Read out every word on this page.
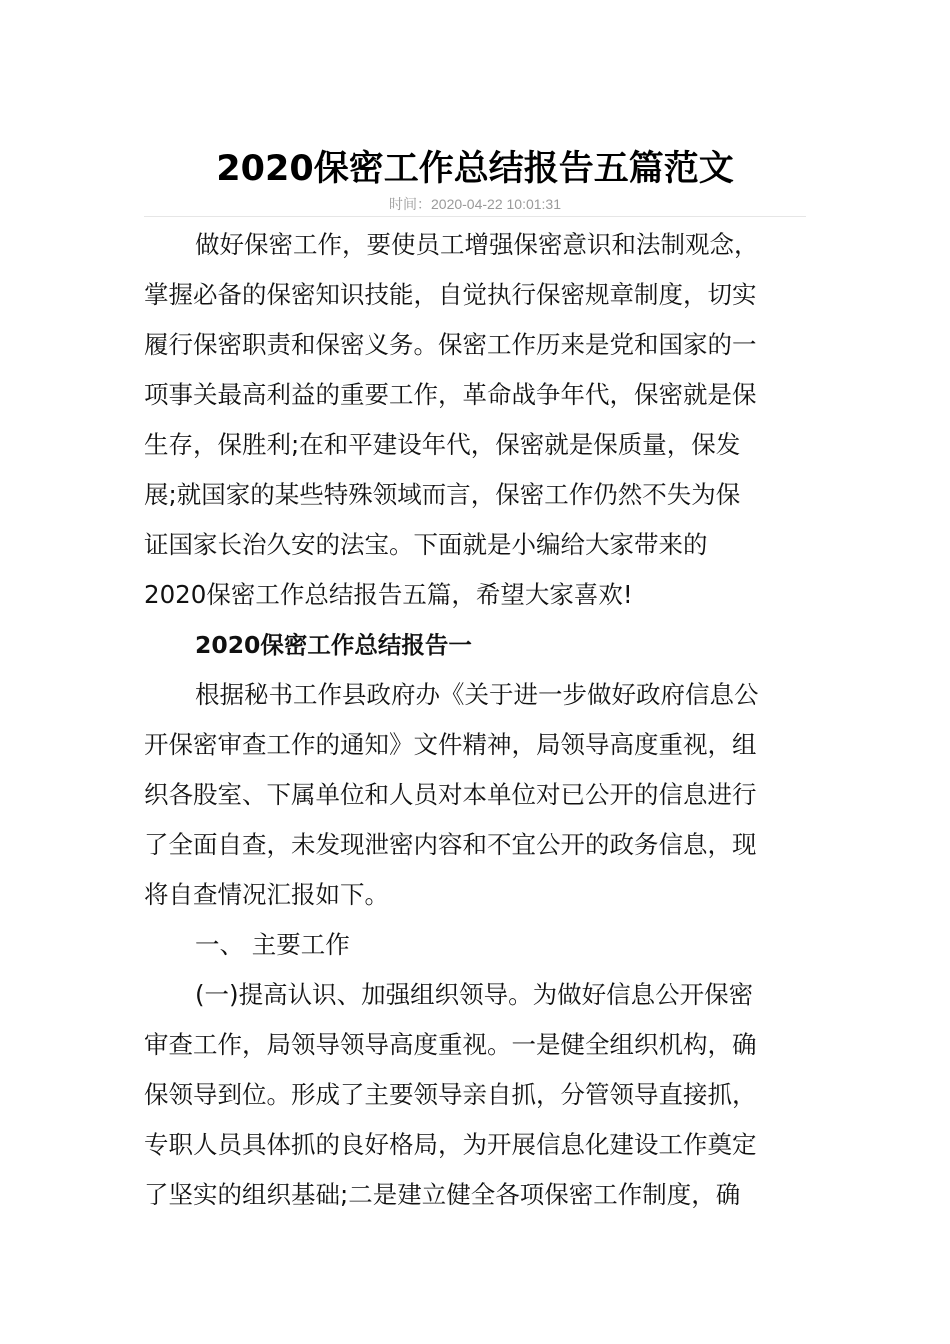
2020保密工作总结报告五篇范文
时间：2020-04-22 10:01:31
做好保密工作，要使员工增强保密意识和法制观念，
掌握必备的保密知识技能，自觉执行保密规章制度，切实
履行保密职责和保密义务。保密工作历来是党和国家的一
项事关最高利益的重要工作，革命战争年代，保密就是保
生存，保胜利;在和平建设年代，保密就是保质量，保发
展;就国家的某些特殊领域而言，保密工作仍然不失为保
证国家长治久安的法宝。下面就是小编给大家带来的
2020保密工作总结报告五篇，希望大家喜欢!
2020保密工作总结报告一
根据秘书工作县政府办《关于进一步做好政府信息公
开保密审查工作的通知》文件精神，局领导高度重视，组
织各股室、下属单位和人员对本单位对已公开的信息进行
了全面自查，未发现泄密内容和不宜公开的政务信息，现
将自查情况汇报如下。
一、 主要工作
(一)提高认识、加强组织领导。为做好信息公开保密
审查工作，局领导领导高度重视。一是健全组织机构，确
保领导到位。形成了主要领导亲自抓，分管领导直接抓，
专职人员具体抓的良好格局，为开展信息化建设工作奠定
了坚实的组织基础;二是建立健全各项保密工作制度，确
